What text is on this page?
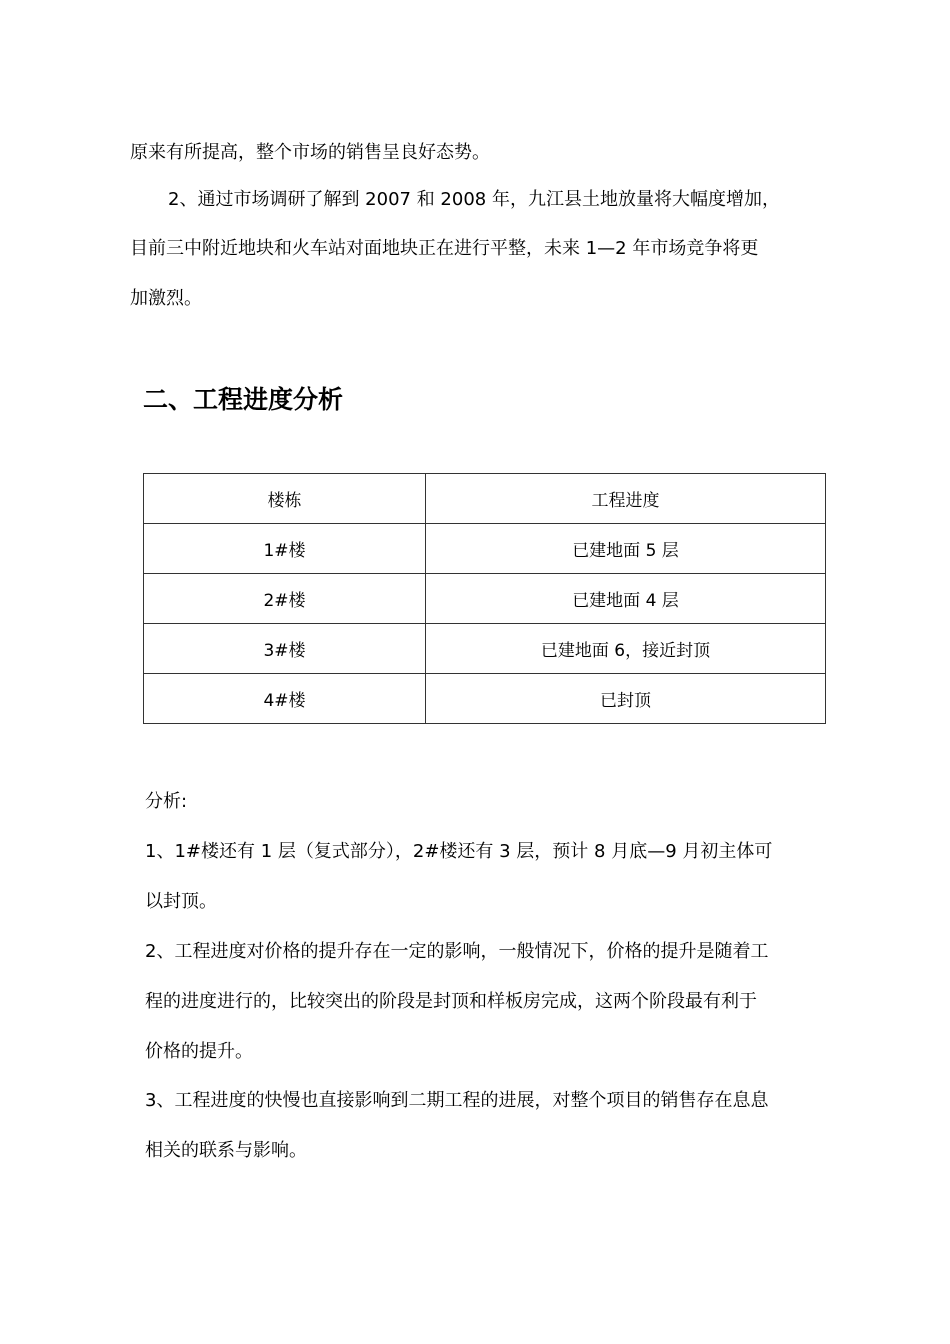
原来有所提高，整个市场的销售呈良好态势。
2、通过市场调研了解到 2007 和 2008 年，九江县土地放量将大幅度增加，
目前三中附近地块和火车站对面地块正在进行平整，未来 1—2 年市场竞争将更
加激烈。
二、工程进度分析
楼栋	工程进度
1#楼	已建地面 5 层
2#楼	已建地面 4 层
3#楼	已建地面 6，接近封顶
4#楼	已封顶
分析:
1、1#楼还有 1 层（复式部分），2#楼还有 3 层，预计 8 月底—9 月初主体可
以封顶。
2、工程进度对价格的提升存在一定的影响，一般情况下，价格的提升是随着工
程的进度进行的，比较突出的阶段是封顶和样板房完成，这两个阶段最有利于
价格的提升。
3、工程进度的快慢也直接影响到二期工程的进展，对整个项目的销售存在息息
相关的联系与影响。
